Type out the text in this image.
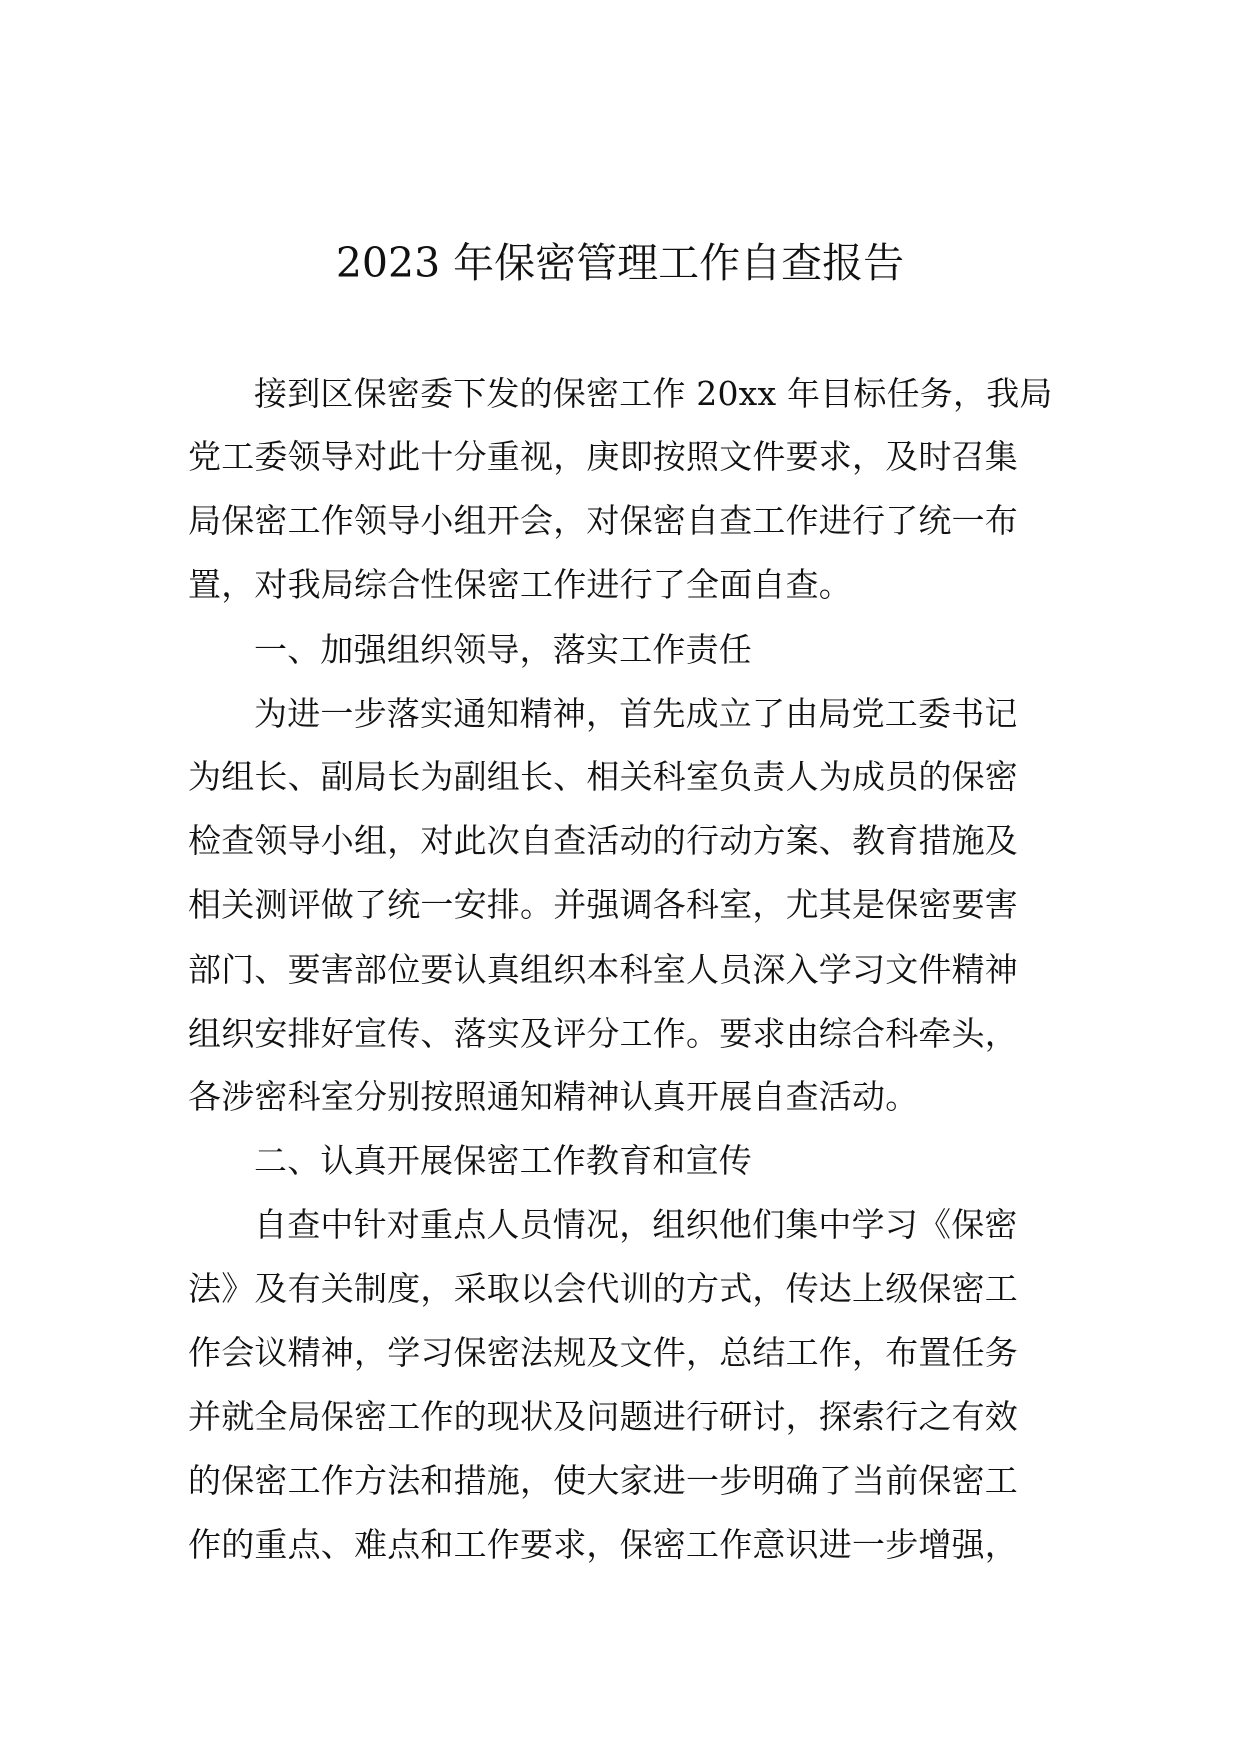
2023 年保密管理工作自查报告
接到区保密委下发的保密工作 20xx 年目标任务，我局
党工委领导对此十分重视，庚即按照文件要求，及时召集
局保密工作领导小组开会，对保密自查工作进行了统一布
置，对我局综合性保密工作进行了全面自查。
一、加强组织领导，落实工作责任
为进一步落实通知精神，首先成立了由局党工委书记
为组长、副局长为副组长、相关科室负责人为成员的保密
检查领导小组，对此次自查活动的行动方案、教育措施及
相关测评做了统一安排。并强调各科室，尤其是保密要害
部门、要害部位要认真组织本科室人员深入学习文件精神
组织安排好宣传、落实及评分工作。要求由综合科牵头，
各涉密科室分别按照通知精神认真开展自查活动。
二、认真开展保密工作教育和宣传
自查中针对重点人员情况，组织他们集中学习《保密
法》及有关制度，采取以会代训的方式，传达上级保密工
作会议精神，学习保密法规及文件，总结工作，布置任务
并就全局保密工作的现状及问题进行研讨，探索行之有效
的保密工作方法和措施，使大家进一步明确了当前保密工
作的重点、难点和工作要求，保密工作意识进一步增强，
